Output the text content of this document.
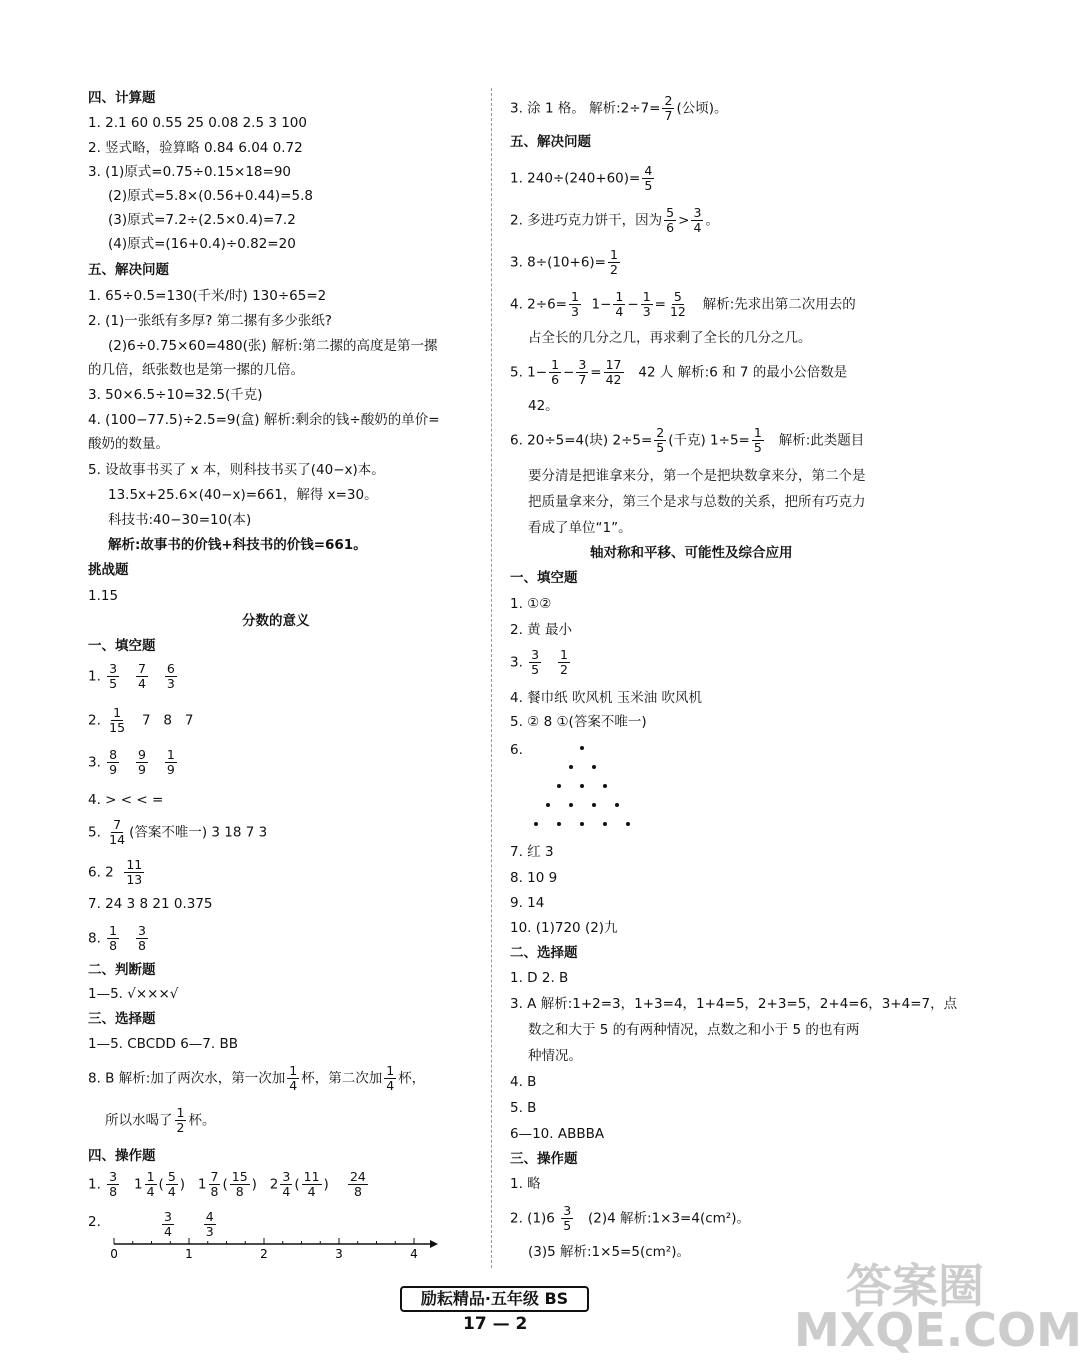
四、计算题
1. 2.1 60 0.55 25 0.08 2.5 3 100
2. 竖式略，验算略 0.84 6.04 0.72
3. (1)原式=0.75÷0.15×18=90
(2)原式=5.8×(0.56+0.44)=5.8
(3)原式=7.2÷(2.5×0.4)=7.2
(4)原式=(16+0.4)÷0.82=20
五、解决问题
1. 65÷0.5=130(千米/时) 130÷65=2
2. (1)一张纸有多厚? 第二摞有多少张纸?
(2)6÷0.75×60=480(张) 解析:第二摞的高度是第一摞
的几倍，纸张数也是第一摞的几倍。
3. 50×6.5÷10=32.5(千克)
4. (100−77.5)÷2.5=9(盒) 解析:剩余的钱÷酸奶的单价=
酸奶的数量。
5. 设故事书买了 x 本，则科技书买了(40−x)本。
13.5x+25.6×(40−x)=661，解得 x=30。
科技书:40−30=10(本)
解析:故事书的价钱+科技书的价钱=661。
挑战题
1.15
分数的意义
一、填空题
1. $\frac{3}{5}$
$\frac{7}{4}$
$\frac{6}{3}$
2. $\frac{1}{15} 7$   8   7
3. $\frac{8}{9}$
$\frac{9}{9}$
$\frac{1}{9}$
4. > < < =
5. $\frac{7}{14}$ (答案不唯一) 3 18 7 3
6. $2 \frac{11}{13}$
7. 24 3 8 21 0.375
8. $\frac{1}{8}$
$\frac{3}{8}$
二、判断题
1—5. √×××√
三、选择题
1—5. CBCDD 6—7. BB
8. B 解析:加了两次水，第一次加 $\frac{1}{4}$ 杯，第二次加 $\frac{1}{4}$ 杯，
所以水喝了 $\frac{1}{2}$ 杯。
四、操作题
1. $\frac{3}{8} 1 \frac{1}{4}$ ( $\frac{5}{4}$ )   $1 \frac{7}{8}$ ( $\frac{15}{8}$ )   $2 \frac{3}{4}$ ( $\frac{11}{4}$ ) $\frac{24}{8}$
2.	$\frac{3}{4}$
$\frac{4}{3}$
0	1	2	3	4
3. 涂 1 格。 解析:2÷7= $\frac{2}{7}$ (公顷)。
五、解决问题
1. $240\div(240+60)= \frac{4}{5}$
2. 多进巧克力饼干，因为 $\frac{5}{6} > \frac{3}{4}$ 。
3. $8\div(10+6)= \frac{1}{2}$
4. $2\div 6= \frac{1}{3} 1- \frac{1}{4} - \frac{1}{3} = \frac{5}{12}$ 解析:先求出第二次用去的
占全长的几分之几，再求剩了全长的几分之几。
5. $1- \frac{1}{6} - \frac{3}{7} = \frac{17}{42} 42$ 人 解析:6 和 7 的最小公倍数是
42。
6. 20÷5=4(块) $2\div 5= \frac{2}{5}$ (千克) $1\div 5= \frac{1}{5}$ 解析:此类题目
要分清是把谁拿来分，第一个是把块数拿来分，第二个是
把质量拿来分，第三个是求与总数的关系，把所有巧克力
看成了单位“1”。
轴对称和平移、可能性及综合应用
一、填空题
1. ①②
2. 黄 最小
3. $\frac{3}{5}$
$\frac{1}{2}$
4. 餐巾纸 吹风机 玉米油 吹风机
5. ② 8 ①(答案不唯一)
6.
7. 红 3
8. 10 9
9. 14
10. (1)720 (2)九
二、选择题
1. D 2. B
3. A 解析:1+2=3，1+3=4，1+4=5，2+3=5，2+4=6，3+4=7，点
数之和大于 5 的有两种情况，点数之和小于 5 的也有两
种情况。
4. B
5. B
6—10. ABBBA
三、操作题
1. 略
2. $(1)6 \frac{3}{5} (2)4$ 解析:1×3=4(cm²)。
(3)5 解析:1×5=5(cm²)。
励耘精品·五年级 BS
17 — 2
答案圈 MXQE.COM
